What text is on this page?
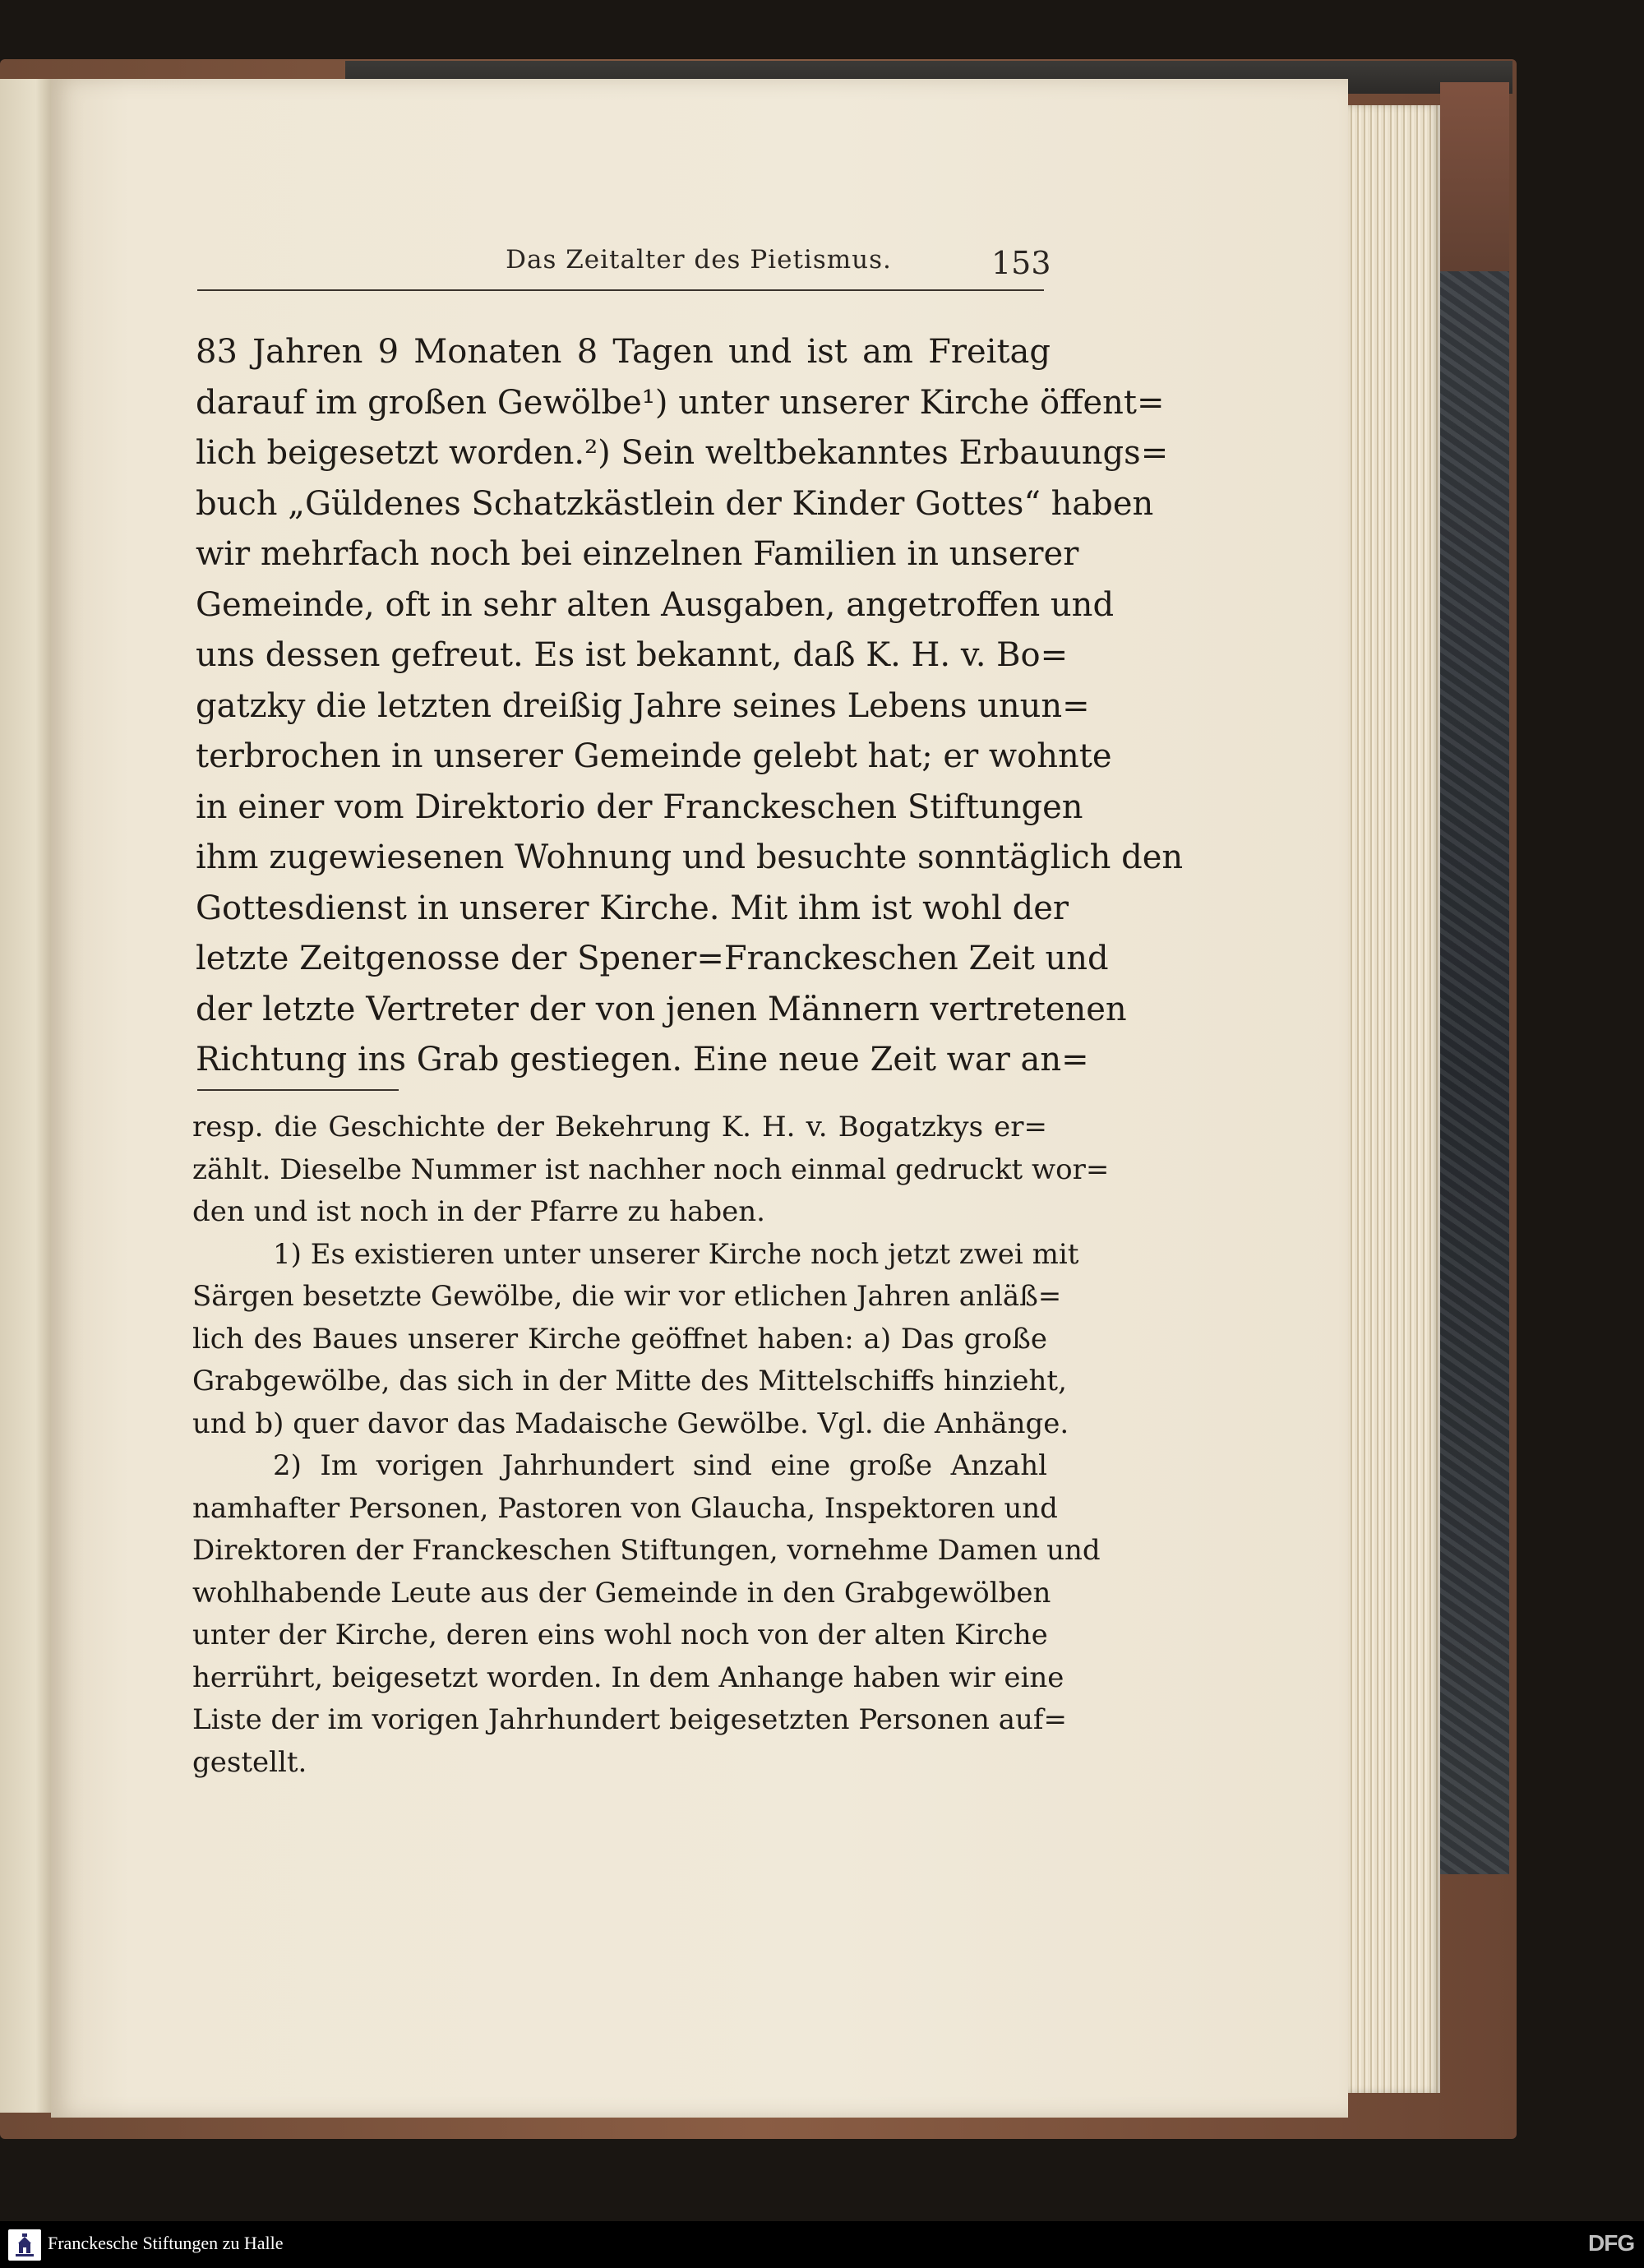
Das Zeitalter des Pietismus.	153
83 Jahren 9 Monaten 8 Tagen und ist am Freitag
darauf im großen Gewölbe¹) unter unserer Kirche öffent=
lich beigesetzt worden.²) Sein weltbekanntes Erbauungs=
buch „Güldenes Schatzkästlein der Kinder Gottes“ haben
wir mehrfach noch bei einzelnen Familien in unserer
Gemeinde, oft in sehr alten Ausgaben, angetroffen und
uns dessen gefreut. Es ist bekannt, daß K. H. v. Bo=
gatzky die letzten dreißig Jahre seines Lebens unun=
terbrochen in unserer Gemeinde gelebt hat; er wohnte
in einer vom Direktorio der Franckeschen Stiftungen
ihm zugewiesenen Wohnung und besuchte sonntäglich den
Gottesdienst in unserer Kirche. Mit ihm ist wohl der
letzte Zeitgenosse der Spener=Franckeschen Zeit und
der letzte Vertreter der von jenen Männern vertretenen
Richtung ins Grab gestiegen. Eine neue Zeit war an=
resp. die Geschichte der Bekehrung K. H. v. Bogatzkys er=
zählt. Dieselbe Nummer ist nachher noch einmal gedruckt wor=
den und ist noch in der Pfarre zu haben.
1) Es existieren unter unserer Kirche noch jetzt zwei mit
Särgen besetzte Gewölbe, die wir vor etlichen Jahren anläß=
lich des Baues unserer Kirche geöffnet haben: a) Das große
Grabgewölbe, das sich in der Mitte des Mittelschiffs hinzieht,
und b) quer davor das Madaische Gewölbe. Vgl. die Anhänge.
2) Im vorigen Jahrhundert sind eine große Anzahl
namhafter Personen, Pastoren von Glaucha, Inspektoren und
Direktoren der Franckeschen Stiftungen, vornehme Damen und
wohlhabende Leute aus der Gemeinde in den Grabgewölben
unter der Kirche, deren eins wohl noch von der alten Kirche
herrührt, beigesetzt worden. In dem Anhange haben wir eine
Liste der im vorigen Jahrhundert beigesetzten Personen auf=
gestellt.
Franckesche Stiftungen zu Halle	DFG
